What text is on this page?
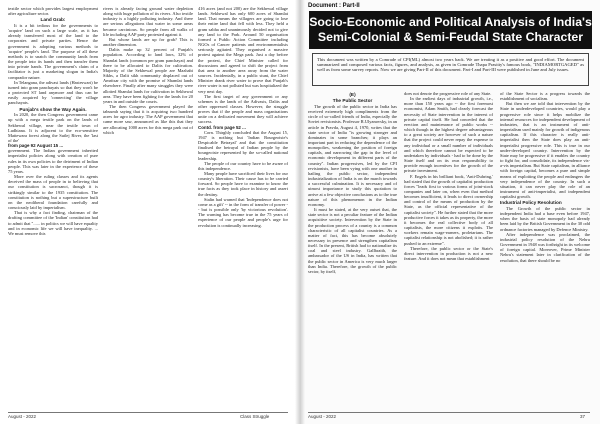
textile sector which provides largest employment after agriculture sector.

Land Grab:

It is a bit tedious for the governments to 'acquire' land on such a large scale, as it has already transferred most of the land to the corporates and private parties. Hence the government is adopting various methods to 'acquire' people's land. The purpose of all these methods is to snatch the community lands from the people into its hands and then transfer them into private hands. The government's claim of a facilitator is just a marketing slogan in India's comprador nature.

In Telangana, the adivasi lands (Hasteswari) be turned into gram panchayats so that they won't be a protected ST land anymore and thus can be easily acquired by 'connecting' the village panchayats.

Punjab's show the Way Again.

In 2020, the then Congress government came up with a mega textile park on the lands of Sekhewal village, near the textile town of Ludhiana. It is adjacent to the eco-sensitive Mattewara forest along the Sutlej River, the 'last of the'

from page 92 August 15 ...

government. The Indian government inherited imperialist policies along with creation of pure rules in its own policies to the detriment of Indian people. This was later in the experience of these 75 years.

More over the ruling classes and its agents deceived the mass of people in to believing that our constitution is sacrosanct, though it is strikingly similar to the 1935 constitution. The constitution is nothing but a superstructure built on the neoliberal foundation carefully and consciously laid by imperialism.

That is why a fact finding, chairman of the drafting committee of the 'Indian' constitution had to admit that "...... in politics we will have equality and in economic life we will have inequality. ... We must remove this

rivers is already facing ground water depletion along with huge pollution of its rivers. Also textile industry is a highly polluting industry. And there are serious allegations that water in some areas became carcinious. So people from all walks of life including AAP party protested against it.

But whose lands are up for grab? This is another dimension.

Dalits make up 32 percent of Punjab's population. According to land laws, 32% of Shamlat lands (common per gram panchayat) and there to be allocated to Dalits for cultivation. Majority of the Sekhewal people are Mazhabi Sikhs, a Dalit sikh community displaced out of Amritsar city with the promise of Shamlat lands elsewhere. Finally after many struggles they were allotted Shamlat lands for cultivation in Sekhewal area. They have been fighting for the lands for 20 years in and outside the courts.

The then Congress government played the tabsumh saying that it is acquiring two hundred acres for agro industry. The AAP government that came more saw, announced as like this that they are allocating 1000 acres for this mega park out of which

416 acres (and not 200) are the Sekhewal village lands. Sekhewal has only 600 acres of Shamlat land. That means the villagers are going to lose their entire land that fell with less. They held a gram sabha and unanimously decided not to give any land to the Park. Around 50 organisation formed a Public Action Committee including NGOs of Cancer patients and environmentalists seriously agitated. They organised a massive protest against the Mega park. Just a day before the protest, the Chief Minister called for discussions and agreed to shift the project from that area to another area away from the water sources. Incidentally, in a public stunt, the Chief Minister drank river water to prove that Punjab's river water is not polluted but was hospitalized the very next day.

The first target of any government or any schemes is the lands of the Adivasis, Dalits and other oppressed classes. However, the struggle proves that if the people and mass organisations unite on a dedicated movement they will achieve success.

Contd. from page 52 ...

Corn. Thirghly concluded that the August 15, 1947 is nothing but 'Indian Bourgeoisie's Despicable Betrayal' and that the constitution finalised the betrayal of Indian people by the bourgeoisie represented by the so-called national leadership.

The people of our country have to be aware of this independence.

Many people have sacrificed their lives for our country's liberation. Their cause has to be carried forward. So people have to examine to know the true facts as they took place in history and assert the destiny.

Stalin had warned that 'Independence does not come as a gift' -- in the form of transfer of power -- but is possible only 'by victorious revolution'. The warning has become true in the 75 years of experience of our people and people's urge for revolution is continually increasing.

August - 2022	Class Struggle
Document : Part-II
Socio-Economic and Political Analysis of India's
Semi-Colonial & Semi-Feudal State Character
This document was written by a Comrade of CPI(ML) almost two years back. We are treating it as a positive and good effort. The document summarized and composed various facts, figures, and analysis, as given in Comrade Thapa Prasitty's famous book, "INDIAMORTGAGED" as well as from some survey reports. Now we are giving Part-II of this document. Part-I and Part-III were published in June and July issues.
(E)
The Public Sector

The growth of the public sector in India has received extremely high compliments from the circle of so-called friends of India, especially the Soviet revisionists. Professor R.Ulyanovsky, in an article in Pravda, August 4, 1970, writes that the state sector of India "is growing stronger and dominates in some branches; it plays an important part in reducing the dependence of the monopolies, weakening the position of foreign capitals, and narrowing the gap in the level of economic development in different parts of the country". Indian progressives, led by the CPI revisionists, have been vying with one another in hailing the public sector, independent industrialization of India is on the march towards a successful culmination. It is necessary and of utmost importance to study this quotation to arrive at a few objective conclusions as to the true nature of this phenomenon in the Indian economy.

It must be stated, at the very outset that, the state sector is not a peculiar feature of the Indian acquisitive society. Intervention by the State in the production process of a country is a common characteristic of all capitalist countries. As a matter of fact, this has become absolutely necessary in presence and strengthen capitalism itself. In the present, British had to nationalize its coal and steel industry. Gallbraith, the ambassador of the US in India, has written that the public sector in America is very much larger than India. Therefore, the growth of the public sector, by itself,

does not denote the progressive role of any State.

In the earliest days of industrial growth, i.e., more than 150 years ago -- the first foremost economist, Adam Smith, had clearly forecast the necessity of State intervention in the interest of private capital itself. He had conceded that the erection and maintenance of public works -- which though in the highest degree advantageous to a great society are however of such a nature that the project could never repay the expense to any individual or a small number of individuals and which therefore cannot be expected to be undertaken by individuals - had to be done by the State itself and on its own responsibility to provide enough incentives for the growth of the private investment.

F. Engels in his brilliant book, 'Anti-Duhring,' had stated that the growth of capitalist production forces "leads first to various forms of joint-stock companies and later on, when even that method becomes insufficient, it leads to direct ownership and control of the means of production by the State, as the official representative of the capitalist society". He further stated that the more productive forces it takes as its property, the more it becomes the real collective body of all capitalists, the more citizens it exploits. The workers remain wage-earners, proletarians. The capitalist relationship is not abolished; it is rather pushed to an extreme".

Therefore, the public sector or the State's direct intervention in production is not a new feature. And it does not mean that establishment

of the State Sector is a progress towards the establishment of socialism.

But then we are told that intervention by the State in underdeveloped countries, would play a progressive role since it helps mobilize the internal resources for independent development of industries, that is an instrument of anti-imperialism used mainly for growth of indigenous capitalism. If this character is really anti-imperialist then the State does play an anti-imperialist progressive role. This is true in our under-developed country. Intervention by the State may be progressive if it enables the country to fight for, and consolidate, its independence vis-a-vis imperialism. But State capitalism, in alliance with foreign capital, becomes a pure and simple means of exploiting the people and endangers the very independence of the country. In such a situation, it can never play the role of an instrument of anti-imperialist, and independent capitalist growth.

Industrial Policy Resolution

The Growth of the public sector in independent India had a base even before 1947, when the basis of state monopoly had already been laid by the British Government in the 30 odd ordnance factories managed by Defence Ministry.

After independence was proclaimed, the industrial policy resolution of the Nehru Government in 1948 was forthright in its welcome of foreign capital. Moreover, Prime Minister Nehru's statement later in clarification of the resolution, that there should be no

August - 2022	37
